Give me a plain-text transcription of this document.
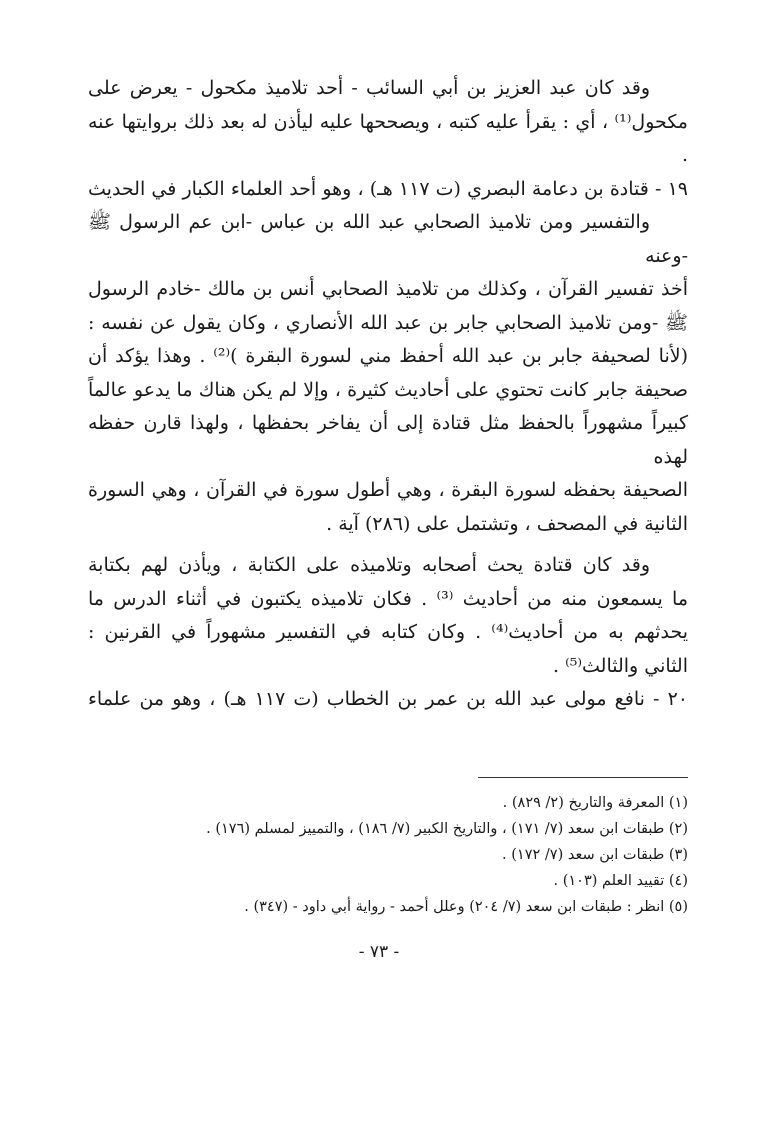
وقد كان عبد العزيز بن أبي السائب - أحد تلاميذ مكحول - يعرض على

مكحول⁽¹⁾ ، أي : يقرأ عليه كتبه ، ويصححها عليه ليأذن له بعد ذلك بروايتها عنه .

١٩ - قتادة بن دعامة البصري (ت ١١٧ هـ) ، وهو أحد العلماء الكبار في الحديث

والتفسير ومن تلاميذ الصحابي عبد الله بن عباس -ابن عم الرسول ﷺ -وعنه

أخذ تفسير القرآن ، وكذلك من تلاميذ الصحابي أنس بن مالك -خادم الرسول

ﷺ -ومن تلاميذ الصحابي جابر بن عبد الله الأنصاري ، وكان يقول عن نفسه :

(لأنا لصحيفة جابر بن عبد الله أحفظ مني لسورة البقرة )⁽²⁾ . وهذا يؤكد أن

صحيفة جابر كانت تحتوي على أحاديث كثيرة ، وإلا لم يكن هناك ما يدعو عالماً

كبيراً مشهوراً بالحفظ مثل قتادة إلى أن يفاخر بحفظها ، ولهذا قارن حفظه لهذه

الصحيفة بحفظه لسورة البقرة ، وهي أطول سورة في القرآن ، وهي السورة

الثانية في المصحف ، وتشتمل على (٢٨٦) آية .

وقد كان قتادة يحث أصحابه وتلاميذه على الكتابة ، ويأذن لهم بكتابة

ما يسمعون منه من أحاديث ⁽³⁾ . فكان تلاميذه يكتبون في أثناء الدرس ما

يحدثهم به من أحاديث⁽⁴⁾ . وكان كتابه في التفسير مشهوراً في القرنين :

الثاني والثالث⁽⁵⁾ .

٢٠ - نافع مولى عبد الله بن عمر بن الخطاب (ت ١١٧ هـ) ، وهو من علماء

(١) المعرفة والتاريخ (٢/ ٨٢٩) .
(٢) طبقات ابن سعد (٧/ ١٧١) ، والتاريخ الكبير (٧/ ١٨٦) ، والتمييز لمسلم (١٧٦) .
(٣) طبقات ابن سعد (٧/ ١٧٢) .
(٤) تقييد العلم (١٠٣) .
(٥) انظر : طبقات ابن سعد (٧/ ٢٠٤) وعلل أحمد - رواية أبي داود - (٣٤٧) .
- ٧٣ -
